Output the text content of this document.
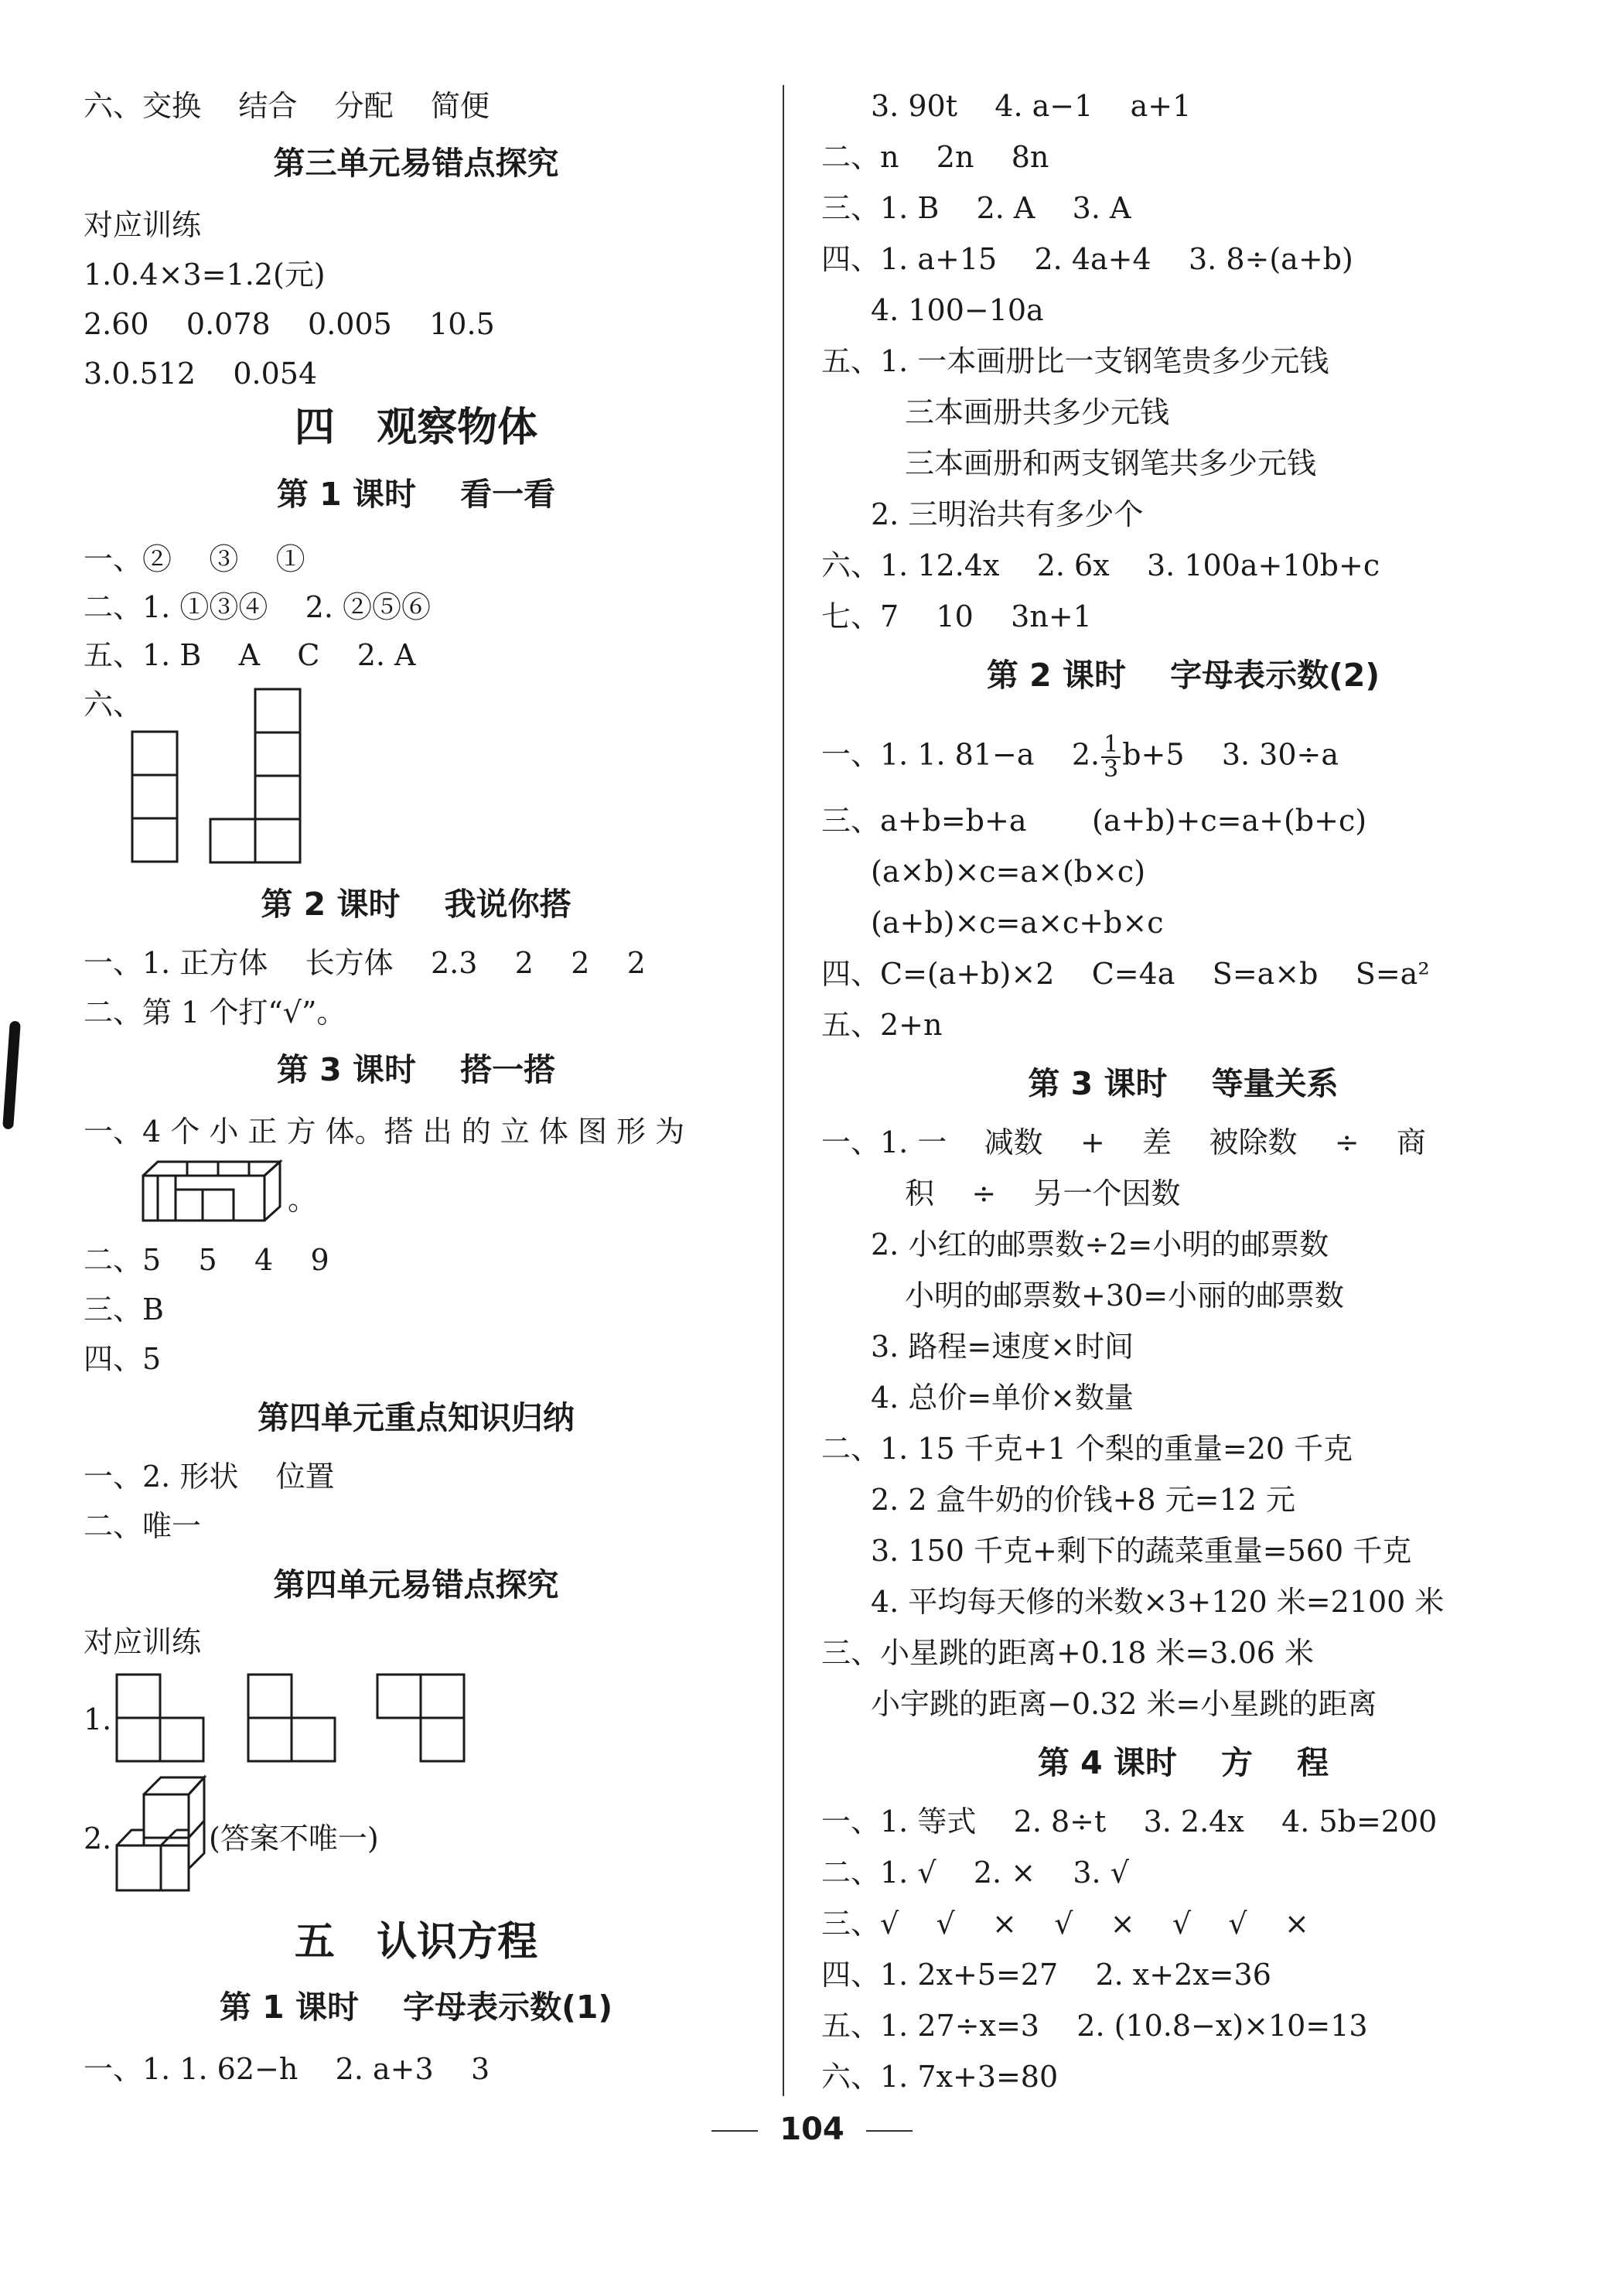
六、交换    结合    分配    简便
第三单元易错点探究
对应训练
1.0.4×3=1.2(元)
2.60    0.078    0.005    10.5
3.0.512    0.054
四   观察物体
第 1 课时    看一看
一、②    ③    ①
二、1. ①③④    2. ②⑤⑥
五、1. B    A    C    2. A
六、
第 2 课时    我说你搭
一、1. 正方体    长方体    2.3    2    2    2
二、第 1 个打“√”。
第 3 课时    搭一搭
一、4 个 小 正 方 体。搭 出 的 立 体 图 形 为
。
二、5    5    4    9
三、B
四、5
第四单元重点知识归纳
一、2. 形状    位置
二、唯一
第四单元易错点探究
对应训练
1.
2.	(答案不唯一)
五   认识方程
第 1 课时    字母表示数(1)
一、1. 1. 62−h    2. a+3    3
3. 90t    4. a−1    a+1
二、n    2n    8n
三、1. B    2. A    3. A
四、1. a+15    2. 4a+4    3. 8÷(a+b)
4. 100−10a
五、1. 一本画册比一支钢笔贵多少元钱
三本画册共多少元钱
三本画册和两支钢笔共多少元钱
2. 三明治共有多少个
六、1. 12.4x    2. 6x    3. 100a+10b+c
七、7    10    3n+1
第 2 课时    字母表示数(2)
一、1. 1. 81−a    2. $\frac{1}{3} b+5$    3. 30÷a
三、a+b=b+a       (a+b)+c=a+(b+c)
(a×b)×c=a×(b×c)
(a+b)×c=a×c+b×c
四、C=(a+b)×2    C=4a    S=a×b    S=a²
五、2+n
第 3 课时    等量关系
一、1. 一    减数    +    差    被除数    ÷    商
积    ÷    另一个因数
2. 小红的邮票数÷2=小明的邮票数
小明的邮票数+30=小丽的邮票数
3. 路程=速度×时间
4. 总价=单价×数量
二、1. 15 千克+1 个梨的重量=20 千克
2. 2 盒牛奶的价钱+8 元=12 元
3. 150 千克+剩下的蔬菜重量=560 千克
4. 平均每天修的米数×3+120 米=2100 米
三、小星跳的距离+0.18 米=3.06 米
小宇跳的距离−0.32 米=小星跳的距离
第 4 课时    方    程
一、1. 等式    2. 8÷t    3. 2.4x    4. 5b=200
二、1. √    2. ×    3. √
三、√    √    ×    √    ×    √    √    ×
四、1. 2x+5=27    2. x+2x=36
五、1. 27÷x=3    2. (10.8−x)×10=13
六、1. 7x+3=80
104
